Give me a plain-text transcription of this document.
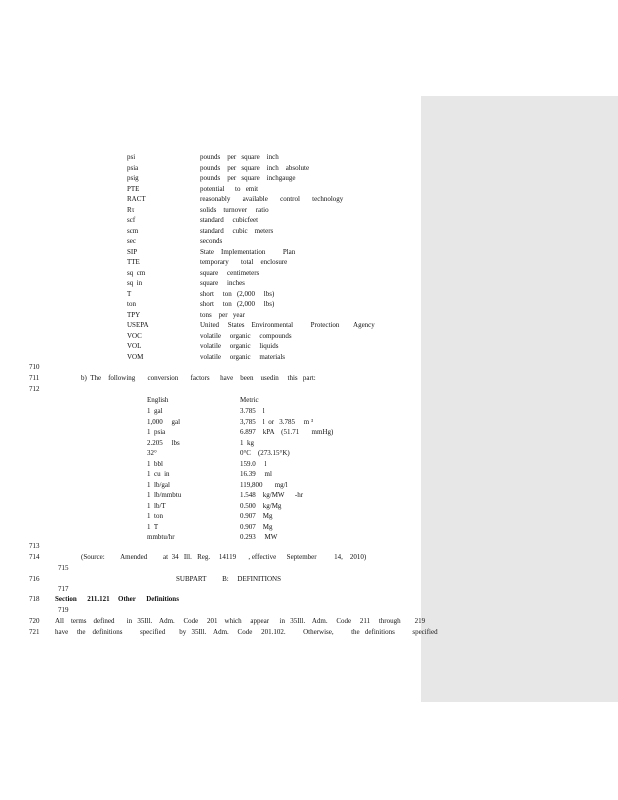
psi	pounds    per   square    inch
psia	pounds    per   square    inch    absolute
psig	pounds    per   square    inchgauge
PTE	potential      to   emit
RACT	reasonably       available       control       technology
Rτ	solids    turnover     ratio
scf	standard     cubicfeet
scm	standard     cubic    meters
sec	seconds
SIP	State    Implementation          Plan
TTE	temporary       total    enclosure
sq  cm	square     centimeters
sq  in	square     inches
T	short     ton   (2,000     lbs)
ton	short     ton   (2,000     lbs)
TPY	tons    per   year
USEPA	United     States    Environmental          Protection        Agency
VOC	volatile     organic     compounds
VOL	volatile     organic     liquids
VOM	volatile     organic     materials
710
711
712
713
714
715
716
717
718
719
720
721
b)  The    following       conversion       factors      have    been    usedin     this   part:
English	Metric
1  gal	3.785    l
1,000     gal	3,785    l  or   3.785     m ³
1  psia	6.897    kPA    (51.71       mmHg)
2.205     lbs	1  kg
32°	0°C    (273.15°K)
1  bbl	159.0     l
1  cu  in	16.39     ml
1  lb/gal	119,800       mg/l
1  lb/mmbtu	1.548    kg/MW      -hr
1  lb/T	0.500    kg/Mg
1  ton	0.907    Mg
1  T	0.907    Mg
mmbtu/hr	0.293     MW
(Source:         Amended         at  34   Ill.   Reg.     14119       , effective      September          14,    2010)
SUBPART         B:     DEFINITIONS
Section      211.121 Other      Definitions
All    terms    defined       in   35Ill.    Adm.     Code     201    which     appear      in   35Ill.    Adm.     Code     211     through        219
have     the    definitions          specified        by   35Ill.    Adm.     Code     201.102.          Otherwise,          the   definitions          specified
